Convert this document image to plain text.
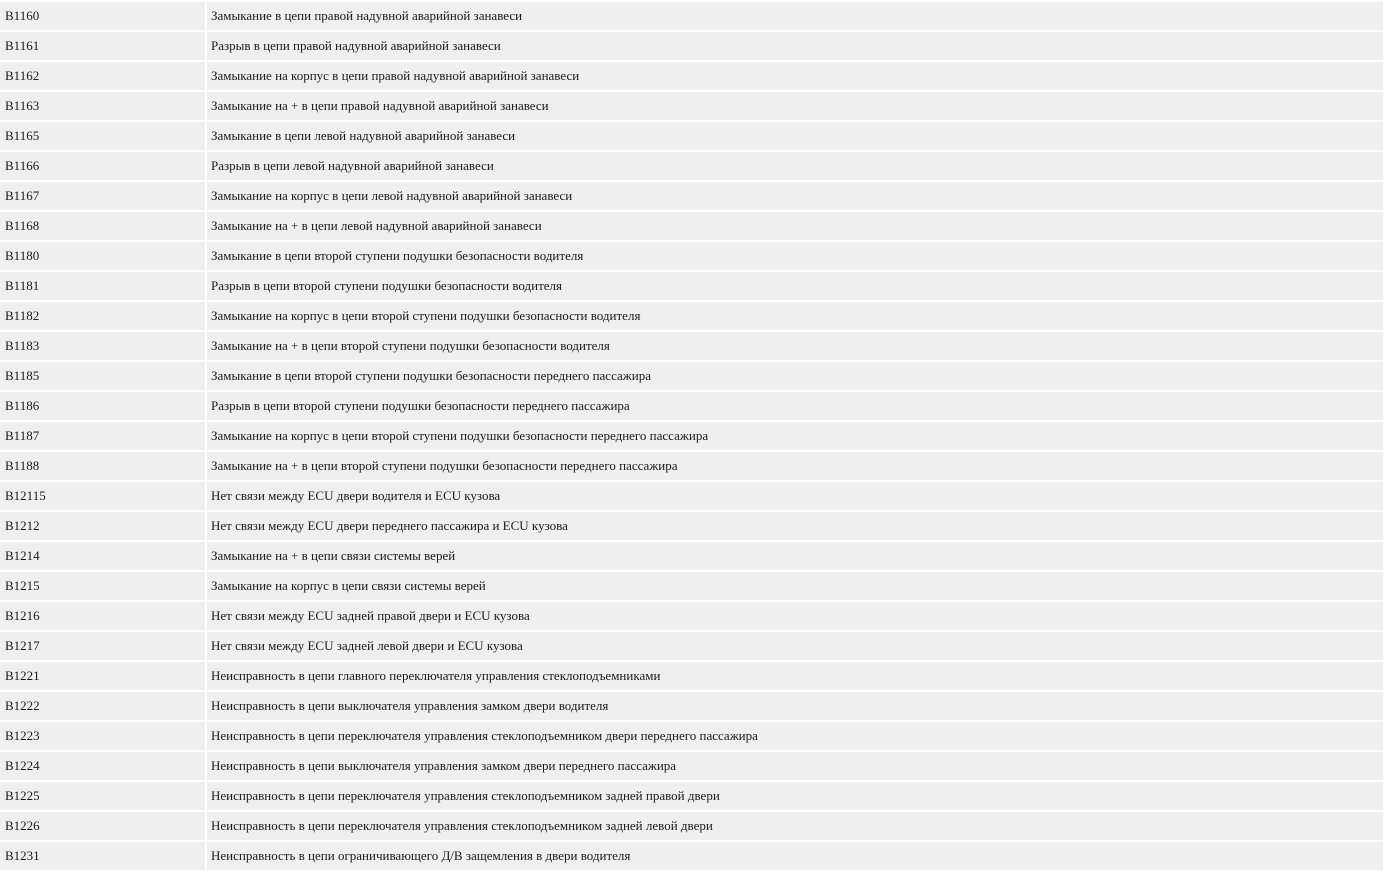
B1160	Замыкание в цепи правой надувной аварийной занавеси
B1161	Разрыв в цепи правой надувной аварийной занавеси
B1162	Замыкание на корпус в цепи правой надувной аварийной занавеси
B1163	Замыкание на + в цепи правой надувной аварийной занавеси
B1165	Замыкание в цепи левой надувной аварийной занавеси
B1166	Разрыв в цепи левой надувной аварийной занавеси
B1167	Замыкание на корпус в цепи левой надувной аварийной занавеси
B1168	Замыкание на + в цепи левой надувной аварийной занавеси
B1180	Замыкание в цепи второй ступени подушки безопасности водителя
B1181	Разрыв в цепи второй ступени подушки безопасности водителя
B1182	Замыкание на корпус в цепи второй ступени подушки безопасности водителя
B1183	Замыкание на + в цепи второй ступени подушки безопасности водителя
B1185	Замыкание в цепи второй ступени подушки безопасности переднего пассажира
B1186	Разрыв в цепи второй ступени подушки безопасности переднего пассажира
B1187	Замыкание на корпус в цепи второй ступени подушки безопасности переднего пассажира
B1188	Замыкание на + в цепи второй ступени подушки безопасности переднего пассажира
B12115	Нет связи между ECU двери водителя и ECU кузова
B1212	Нет связи между ECU двери переднего пассажира и ECU кузова
B1214	Замыкание на + в цепи связи системы верей
B1215	Замыкание на корпус в цепи связи системы верей
B1216	Нет связи между ECU задней правой двери и ECU кузова
B1217	Нет связи между ECU задней левой двери и ECU кузова
B1221	Неисправность в цепи главного переключателя управления стеклоподъемниками
B1222	Неисправность в цепи выключателя управления замком двери водителя
B1223	Неисправность в цепи переключателя управления стеклоподъемником двери переднего пассажира
B1224	Неисправность в цепи выключателя управления замком двери переднего пассажира
B1225	Неисправность в цепи переключателя управления стеклоподъемником задней правой двери
B1226	Неисправность в цепи переключателя управления стеклоподъемником задней левой двери
B1231	Неисправность в цепи ограничивающего Д/В защемления в двери водителя
